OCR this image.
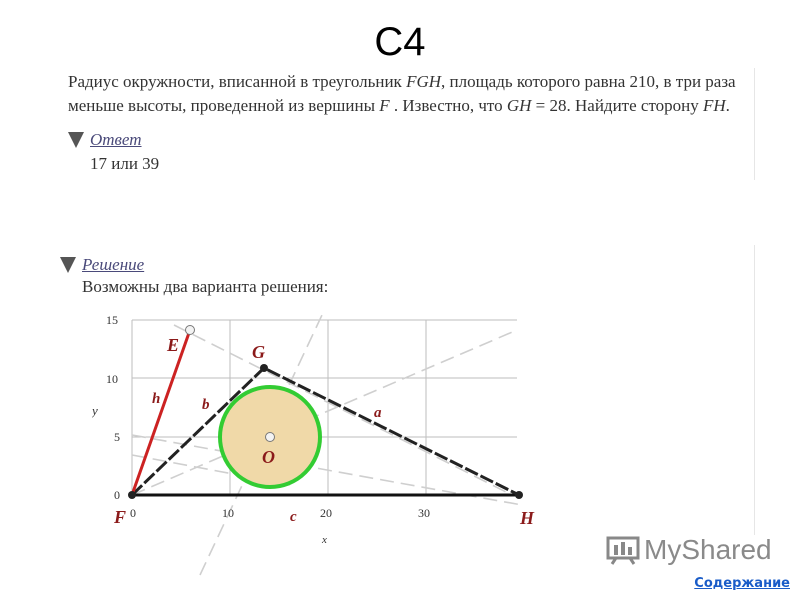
С4
Радиус окружности, вписанной в треугольник FGH, площадь которого равна 210, в три раза меньше высоты, проведенной из вершины F . Известно, что GH = 28. Найдите сторону FH.
Ответ
17 или 39
Решение
Возможны два варианта решения:
0	10	20	30
0
5
10
15
x
y
F
G
H
E
O
h	b	a
c
MyShared
Содержание
